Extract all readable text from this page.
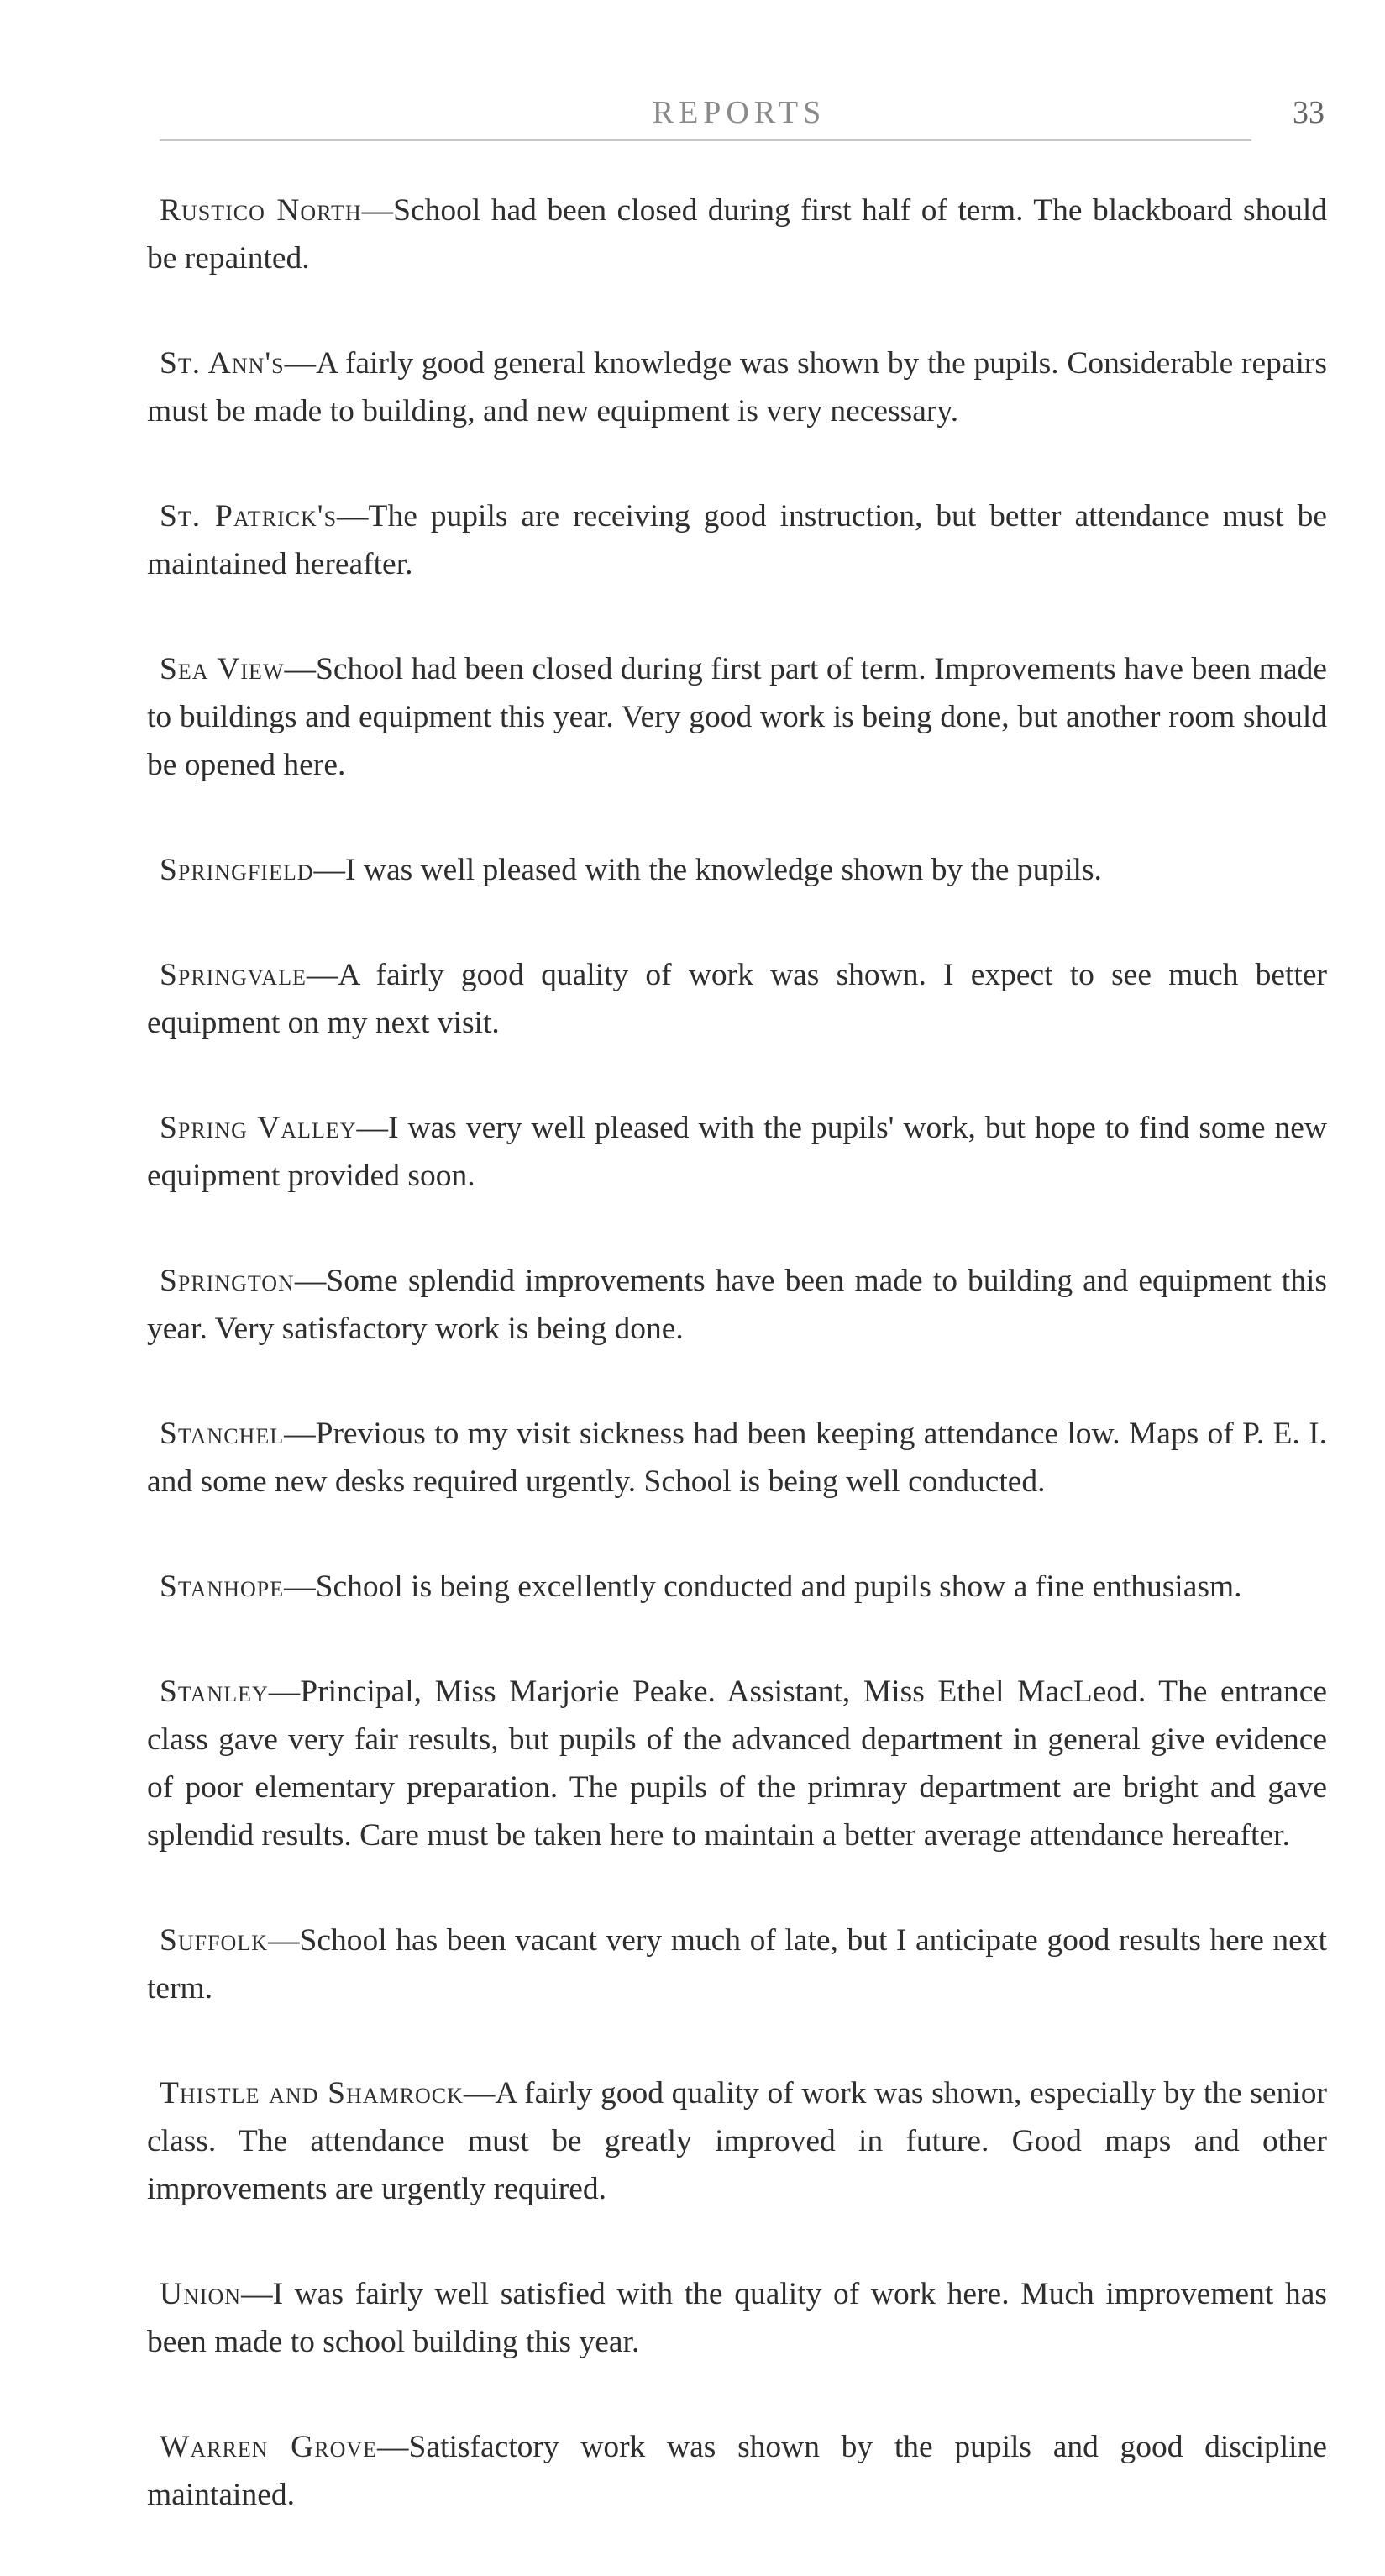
REPORTS	33

Rustico North—School had been closed during first half of term. The blackboard should be repainted.

St. Ann's—A fairly good general knowledge was shown by the pupils. Considerable repairs must be made to building, and new equipment is very necessary.

St. Patrick's—The pupils are receiving good instruction, but better attendance must be maintained hereafter.

Sea View—School had been closed during first part of term. Improvements have been made to buildings and equipment this year. Very good work is being done, but another room should be opened here.

Springfield—I was well pleased with the knowledge shown by the pupils.

Springvale—A fairly good quality of work was shown. I expect to see much better equipment on my next visit.

Spring Valley—I was very well pleased with the pupils' work, but hope to find some new equipment provided soon.

Springton—Some splendid improvements have been made to building and equipment this year. Very satisfactory work is being done.

Stanchel—Previous to my visit sickness had been keeping attendance low. Maps of P. E. I. and some new desks required urgently. School is being well conducted.

Stanhope—School is being excellently conducted and pupils show a fine enthusiasm.

Stanley—Principal, Miss Marjorie Peake. Assistant, Miss Ethel MacLeod. The entrance class gave very fair results, but pupils of the advanced department in general give evidence of poor elementary preparation. The pupils of the primray department are bright and gave splendid results. Care must be taken here to maintain a better average attendance hereafter.

Suffolk—School has been vacant very much of late, but I anticipate good results here next term.

Thistle and Shamrock—A fairly good quality of work was shown, especially by the senior class. The attendance must be greatly improved in future. Good maps and other improvements are urgently required.

Union—I was fairly well satisfied with the quality of work here. Much improvement has been made to school building this year.

Warren Grove—Satisfactory work was shown by the pupils and good discipline maintained.
